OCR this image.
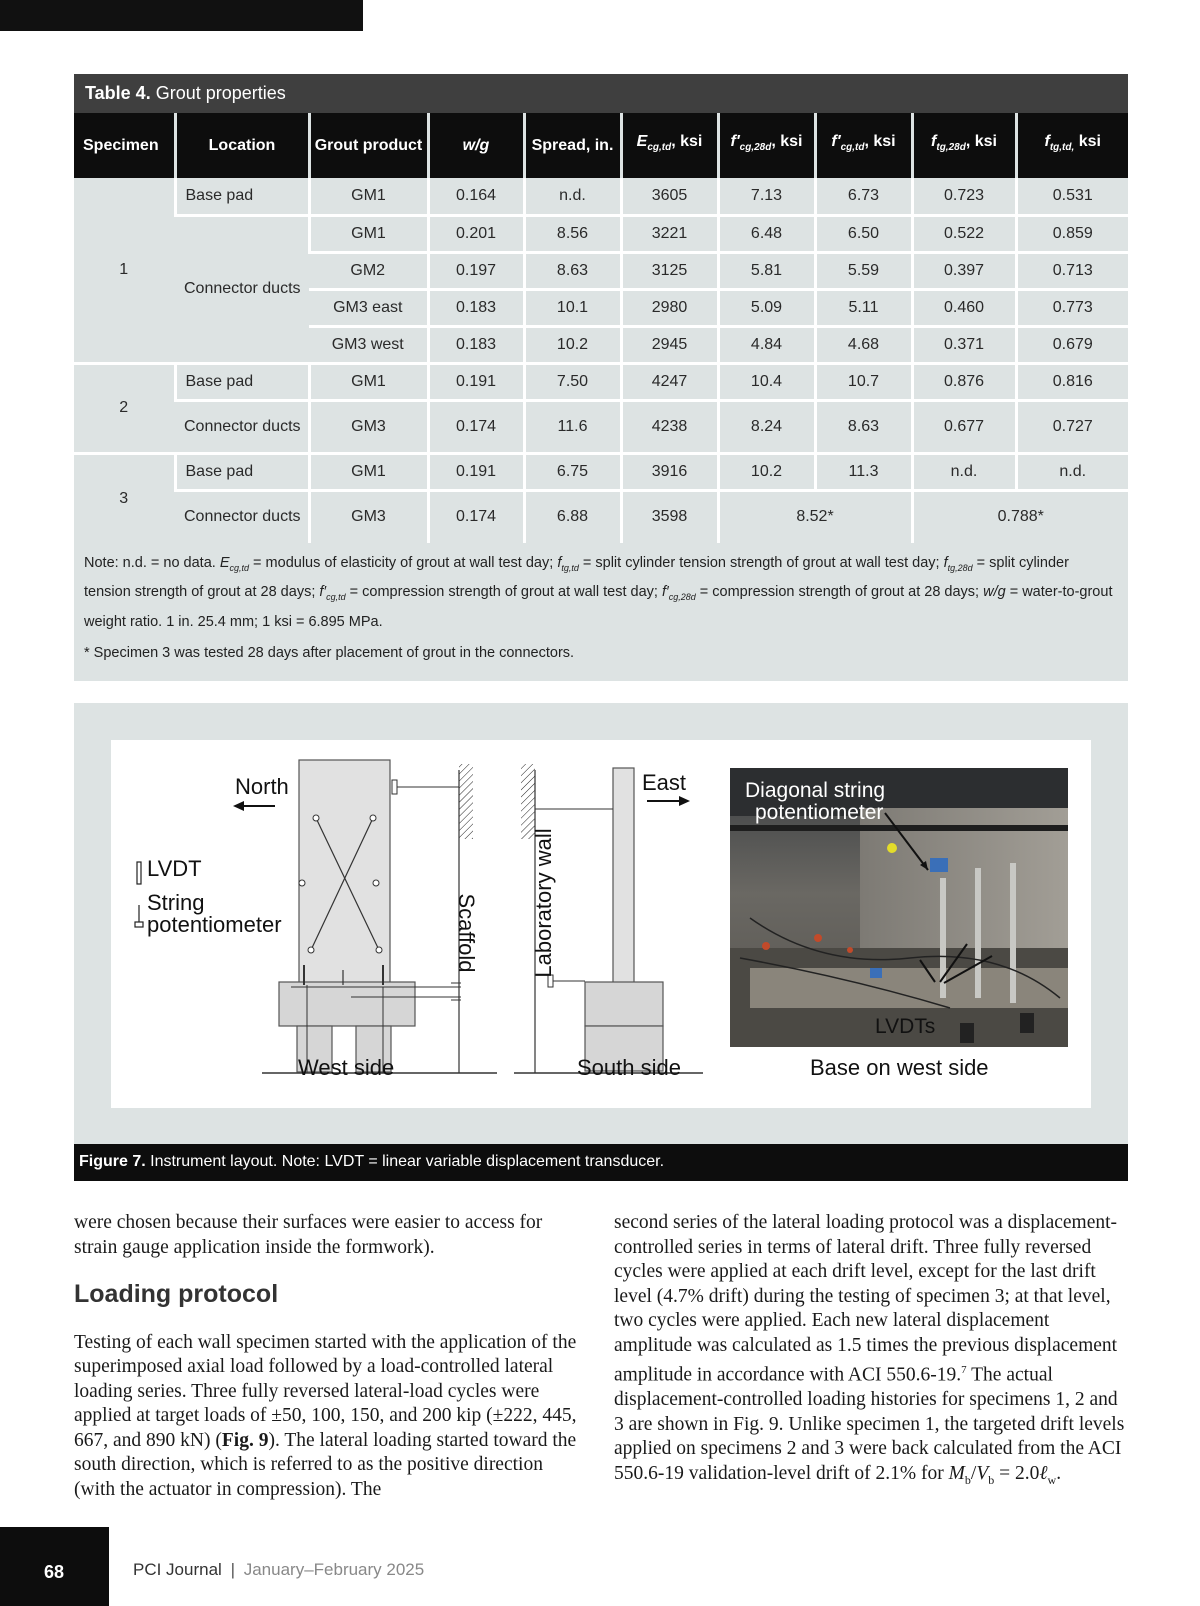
Table 4. Grout properties
Specimen	Location	Grout product	w/g	Spread, in.	$E_{cg,td}$, ksi	$f'_{cg,28d}$, ksi	$f'_{cg,td}$, ksi	$f_{tg,28d}$, ksi	$f_{tg,td,}$ ksi
1	Base pad	GM1	0.164	n.d.	3605	7.13	6.73	0.723	0.531
	Connector ducts	GM1	0.201	8.56	3221	6.48	6.50	0.522	0.859
		GM2	0.197	8.63	3125	5.81	5.59	0.397	0.713
		GM3 east	0.183	10.1	2980	5.09	5.11	0.460	0.773
		GM3 west	0.183	10.2	2945	4.84	4.68	0.371	0.679
2	Base pad	GM1	0.191	7.50	4247	10.4	10.7	0.876	0.816
	Connector ducts	GM3	0.174	11.6	4238	8.24	8.63	0.677	0.727
3	Base pad	GM1	0.191	6.75	3916	10.2	11.3	n.d.	n.d.
	Connector ducts	GM3	0.174	6.88	3598	8.52*		0.788*	
Note: n.d. = no data. $E_{cg,td}$ = modulus of elasticity of grout at wall test day; $f_{tg,td}$ = split cylinder tension strength of grout at wall test day; $f_{tg,28d}$ = split cylinder tension strength of grout at 28 days; $f'_{cg,td}$ = compression strength of grout at wall test day; $f'_{cg,28d}$ = compression strength of grout at 28 days; w/g = water-to-grout weight ratio. 1 in. 25.4 mm; 1 ksi = 6.895 MPa.
* Specimen 3 was tested 28 days after placement of grout in the connectors.
LVDT
String
potentiometer
North	East
Scaffold Laboratory wall
West side	South side	Base on west side
Diagonal string
potentiometer
LVDTs
Figure 7. Instrument layout. Note: LVDT = linear variable displacement transducer.

were chosen because their surfaces were easier to access for strain gauge application inside the formwork).

Loading protocol

Testing of each wall specimen started with the application of the superimposed axial load followed by a load-controlled lateral loading series. Three fully reversed lateral-load cycles were applied at target loads of ±50, 100, 150, and 200 kip (±222, 445, 667, and 890 kN) (Fig. 9). The lateral loading started toward the south direction, which is referred to as the positive direction (with the actuator in compression). The

second series of the lateral loading protocol was a displacement-controlled series in terms of lateral drift. Three fully reversed cycles were applied at each drift level, except for the last drift level (4.7% drift) during the testing of specimen 3; at that level, two cycles were applied. Each new lateral displacement amplitude was calculated as 1.5 times the previous displacement amplitude in accordance with ACI 550.6-19.$^7$ The actual displacement-controlled loading histories for specimens 1, 2 and 3 are shown in Fig. 9. Unlike specimen 1, the targeted drift levels applied on specimens 2 and 3 were back calculated from the ACI 550.6-19 validation-level drift of 2.1% for $M_b/V_b$ = 2.0ℓ$_w$.

68	PCI Journal | January–February 2025
